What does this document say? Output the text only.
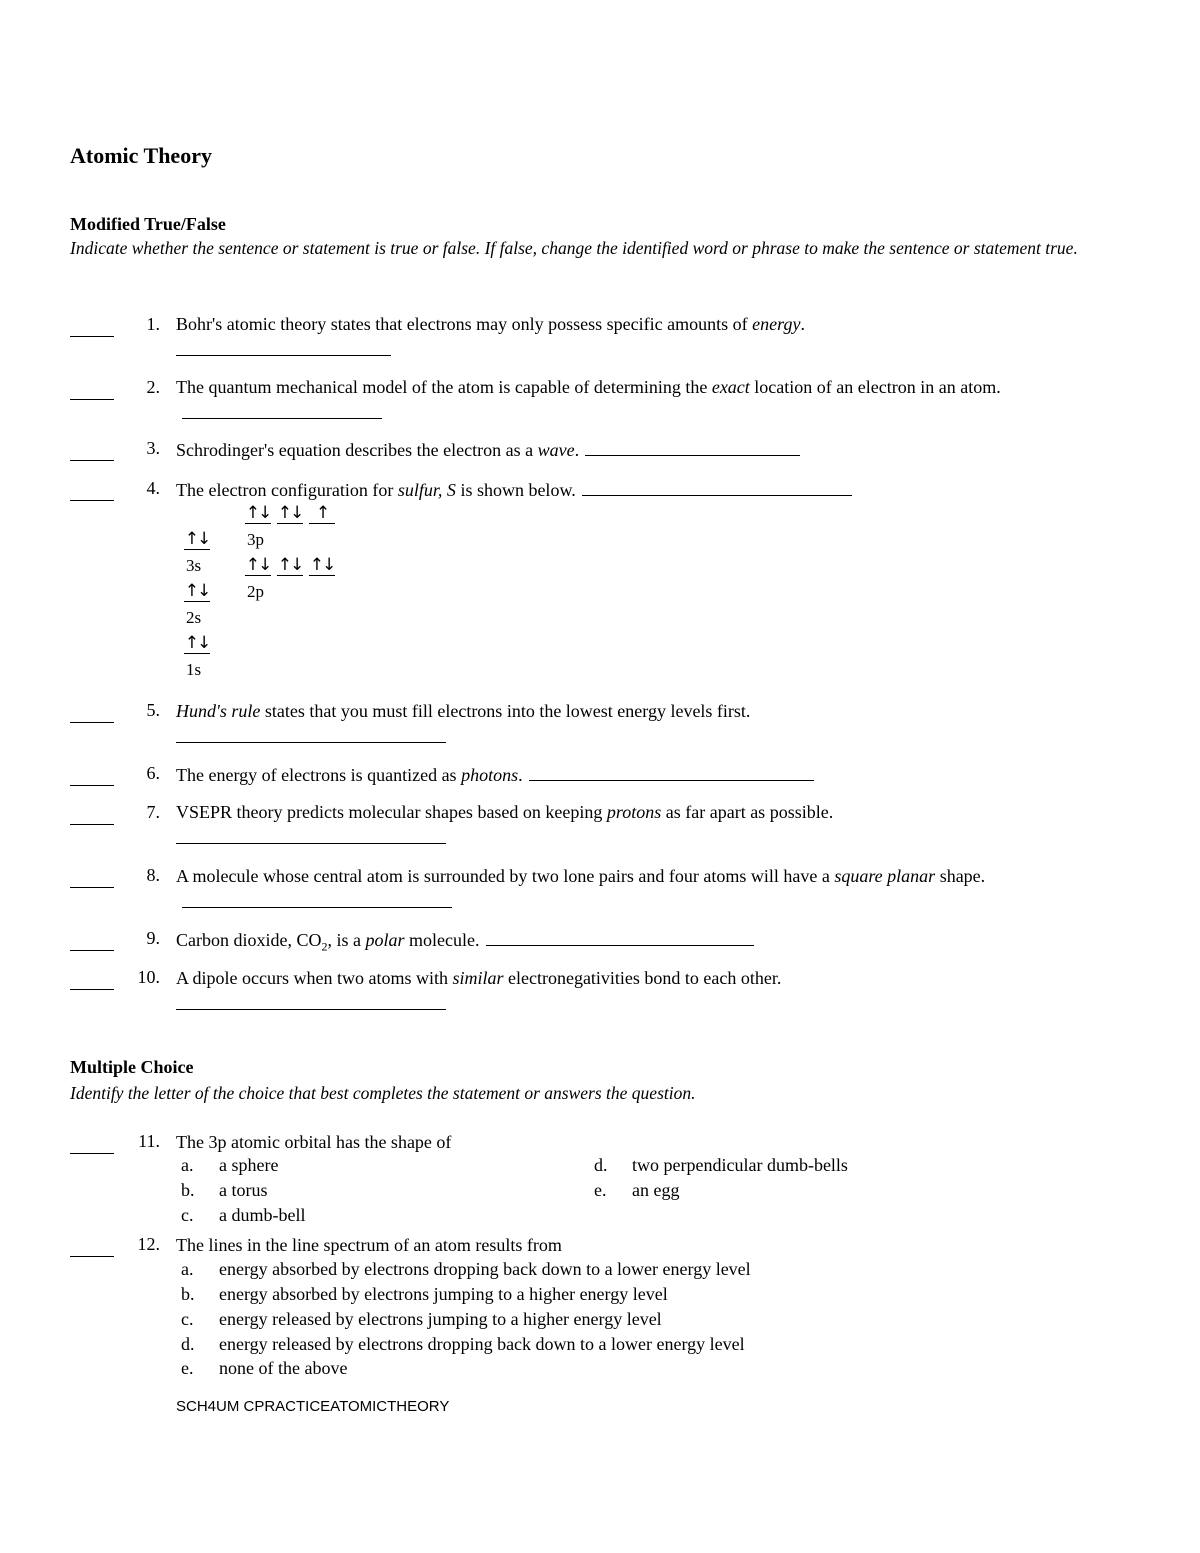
Atomic Theory
Modified True/False
Indicate whether the sentence or statement is true or false. If false, change the identified word or phrase to make the sentence or statement true.
1. Bohr's atomic theory states that electrons may only possess specific amounts of energy.

2. The quantum mechanical model of the atom is capable of determining the exact location of an electron in an atom.
3. Schrodinger's equation describes the electron as a wave.
4. The electron configuration for sulfur, S is shown below.
↑↓ ↑↓ ↑
3p
↑↓
3s	↑↓ ↑↓ ↑↓
2p
↑↓
2s
↑↓
1s
5. Hund's rule states that you must fill electrons into the lowest energy levels first.

6. The energy of electrons is quantized as photons.
7. VSEPR theory predicts molecular shapes based on keeping protons as far apart as possible.

8. A molecule whose central atom is surrounded by two lone pairs and four atoms will have a square planar shape.
9. Carbon dioxide, $CO_2$, is a polar molecule.
10. A dipole occurs when two atoms with similar electronegativities bond to each other.

Multiple Choice
Identify the letter of the choice that best completes the statement or answers the question.
11. The 3p atomic orbital has the shape of
a. a sphere
b. a torus
c. a dumb-bell
d. two perpendicular dumb-bells
e. an egg
12. The lines in the line spectrum of an atom results from
a. energy absorbed by electrons dropping back down to a lower energy level
b. energy absorbed by electrons jumping to a higher energy level
c. energy released by electrons jumping to a higher energy level
d. energy released by electrons dropping back down to a lower energy level
e. none of the above
SCH4UM CPRACTICEATOMICTHEORY
